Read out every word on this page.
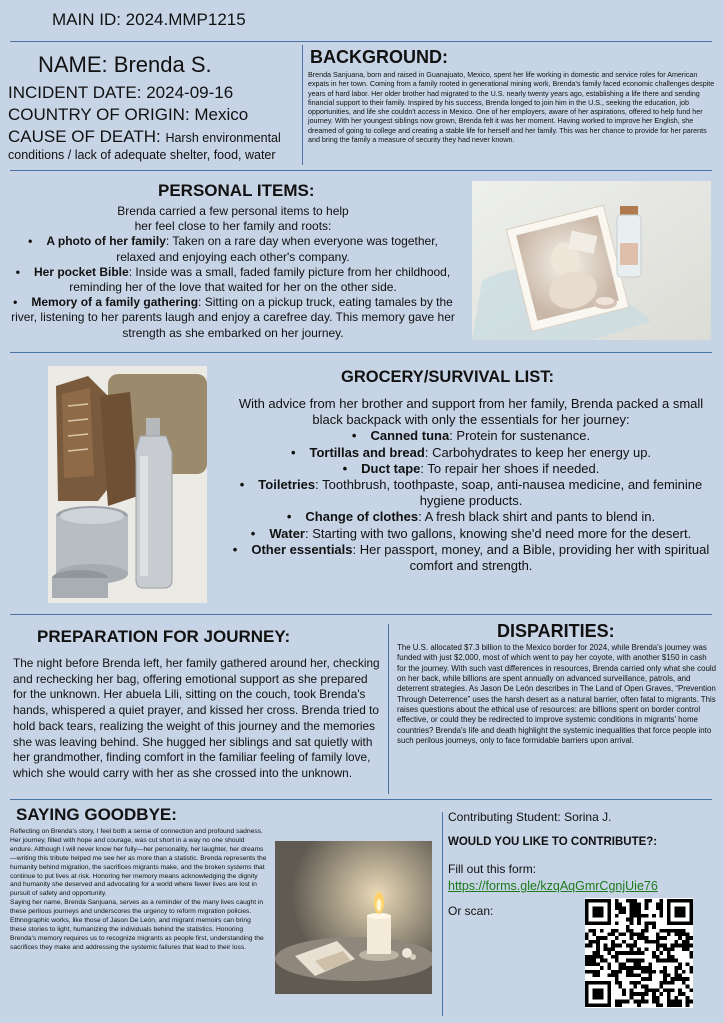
MAIN ID: 2024.MMP1215
NAME: Brenda S.
INCIDENT DATE: 2024-09-16
COUNTRY OF ORIGIN: Mexico
CAUSE OF DEATH: Harsh environmental
conditions / lack of adequate shelter, food, water
BACKGROUND:
Brenda Sanjuana, born and raised in Guanajuato, Mexico, spent her life working in domestic and service roles for American expats in her town. Coming from a family rooted in generational mining work, Brenda's family faced economic challenges despite years of hard labor. Her older brother had migrated to the U.S. nearly twenty years ago, establishing a life there and sending financial support to their family. Inspired by his success, Brenda longed to join him in the U.S., seeking the education, job opportunities, and life she couldn't access in Mexico. One of her employers, aware of her aspirations, offered to help fund her journey. With her youngest siblings now grown, Brenda felt it was her moment. Having worked to improve her English, she dreamed of going to college and creating a stable life for herself and her family. This was her chance to provide for her parents and bring the family a measure of security they had never known.
PERSONAL ITEMS:
Brenda carried a few personal items to help
her feel close to her family and roots:
• A photo of her family: Taken on a rare day when everyone was together, relaxed and enjoying each other's company.
• Her pocket Bible: Inside was a small, faded family picture from her childhood, reminding her of the love that waited for her on the other side.
• Memory of a family gathering: Sitting on a pickup truck, eating tamales by the river, listening to her parents laugh and enjoy a carefree day. This memory gave her strength as she embarked on her journey.
GROCERY/SURVIVAL LIST:
With advice from her brother and support from her family, Brenda packed a small black backpack with only the essentials for her journey:
• Canned tuna: Protein for sustenance.
• Tortillas and bread: Carbohydrates to keep her energy up.
• Duct tape: To repair her shoes if needed.
• Toiletries: Toothbrush, toothpaste, soap, anti-nausea medicine, and feminine hygiene products.
• Change of clothes: A fresh black shirt and pants to blend in.
• Water: Starting with two gallons, knowing she'd need more for the desert.
• Other essentials: Her passport, money, and a Bible, providing her with spiritual comfort and strength.
PREPARATION FOR JOURNEY:
The night before Brenda left, her family gathered around her, checking and rechecking her bag, offering emotional support as she prepared for the unknown. Her abuela Lili, sitting on the couch, took Brenda's hands, whispered a quiet prayer, and kissed her cross. Brenda tried to hold back tears, realizing the weight of this journey and the memories she was leaving behind. She hugged her siblings and sat quietly with her grandmother, finding comfort in the familiar feeling of family love, which she would carry with her as she crossed into the unknown.
DISPARITIES:
The U.S. allocated $7.3 billion to the Mexico border for 2024, while Brenda's journey was funded with just $2,000, most of which went to pay her coyote, with another $150 in cash for the journey. With such vast differences in resources, Brenda carried only what she could on her back, while billions are spent annually on advanced surveillance, patrols, and deterrent strategies. As Jason De León describes in The Land of Open Graves, “Prevention Through Deterrence” uses the harsh desert as a natural barrier, often fatal to migrants. This raises questions about the ethical use of resources: are billions spent on border control effective, or could they be redirected to improve systemic conditions in migrants' home countries? Brenda's life and death highlight the systemic inequalities that force people into such perilous journeys, only to face formidable barriers upon arrival.
SAYING GOODBYE:
Reflecting on Brenda's story, I feel both a sense of connection and profound sadness. Her journey, filled with hope and courage, was cut short in a way no one should endure. Although I will never know her fully—her personality, her laughter, her dreams—writing this tribute helped me see her as more than a statistic. Brenda represents the humanity behind migration, the sacrifices migrants make, and the broken systems that continue to put lives at risk. Honoring her memory means acknowledging the dignity and humanity she deserved and advocating for a world where fewer lives are lost in pursuit of safety and opportunity.
Saying her name, Brenda Sanjuana, serves as a reminder of the many lives caught in these perilous journeys and underscores the urgency to reform migration policies. Ethnographic works, like those of Jason De León, and migrant memoirs can bring these stories to light, humanizing the individuals behind the statistics. Honoring Brenda's memory requires us to recognize migrants as people first, understanding the sacrifices they make and addressing the systemic failures that lead to their loss.
Contributing Student: Sorina J.
WOULD YOU LIKE TO CONTRIBUTE?:
Fill out this form:
https://forms.gle/kzqAqGmrCgnjUie76
Or scan:
